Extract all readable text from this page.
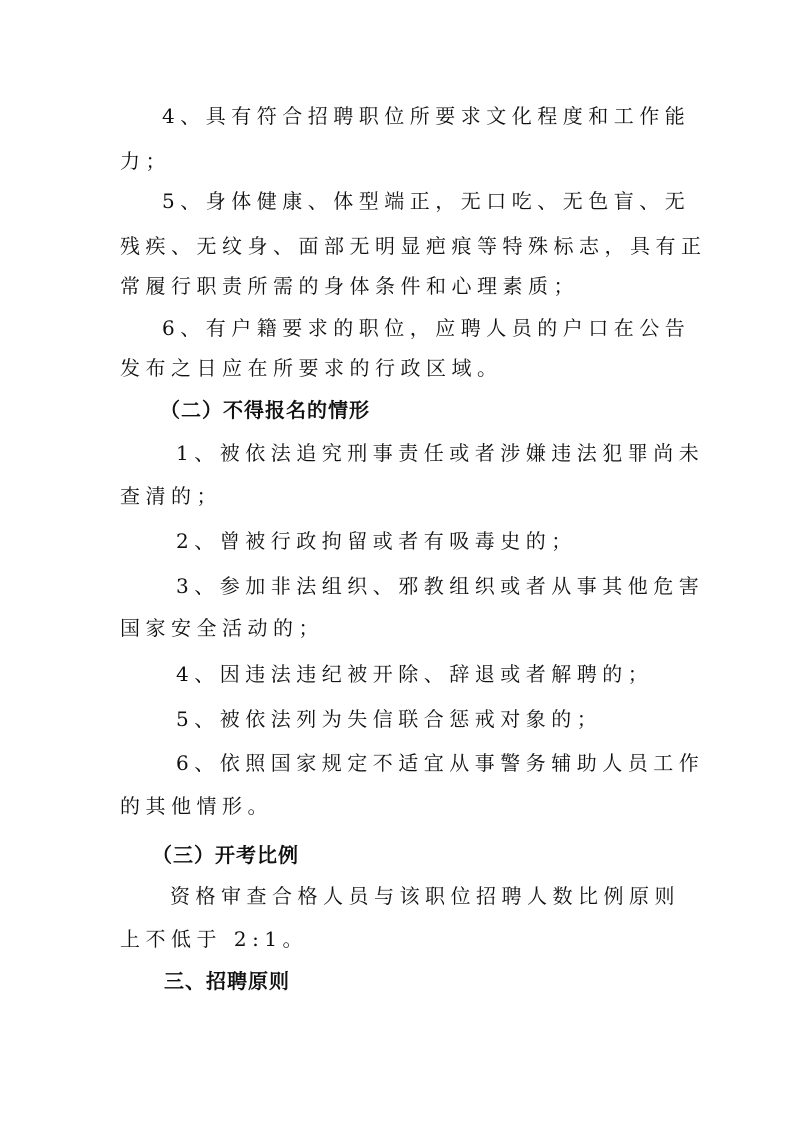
4、具有符合招聘职位所要求文化程度和工作能

力；

5、身体健康、体型端正，无口吃、无色盲、无

残疾、无纹身、面部无明显疤痕等特殊标志，具有正

常履行职责所需的身体条件和心理素质；

6、有户籍要求的职位，应聘人员的户口在公告

发布之日应在所要求的行政区域。

（二）不得报名的情形

1、被依法追究刑事责任或者涉嫌违法犯罪尚未

查清的；

2、曾被行政拘留或者有吸毒史的；

3、参加非法组织、邪教组织或者从事其他危害

国家安全活动的；

4、因违法违纪被开除、辞退或者解聘的；

5、被依法列为失信联合惩戒对象的；

6、依照国家规定不适宜从事警务辅助人员工作

的其他情形。

（三）开考比例

资格审查合格人员与该职位招聘人数比例原则

上不低于 2:1。

三、招聘原则
